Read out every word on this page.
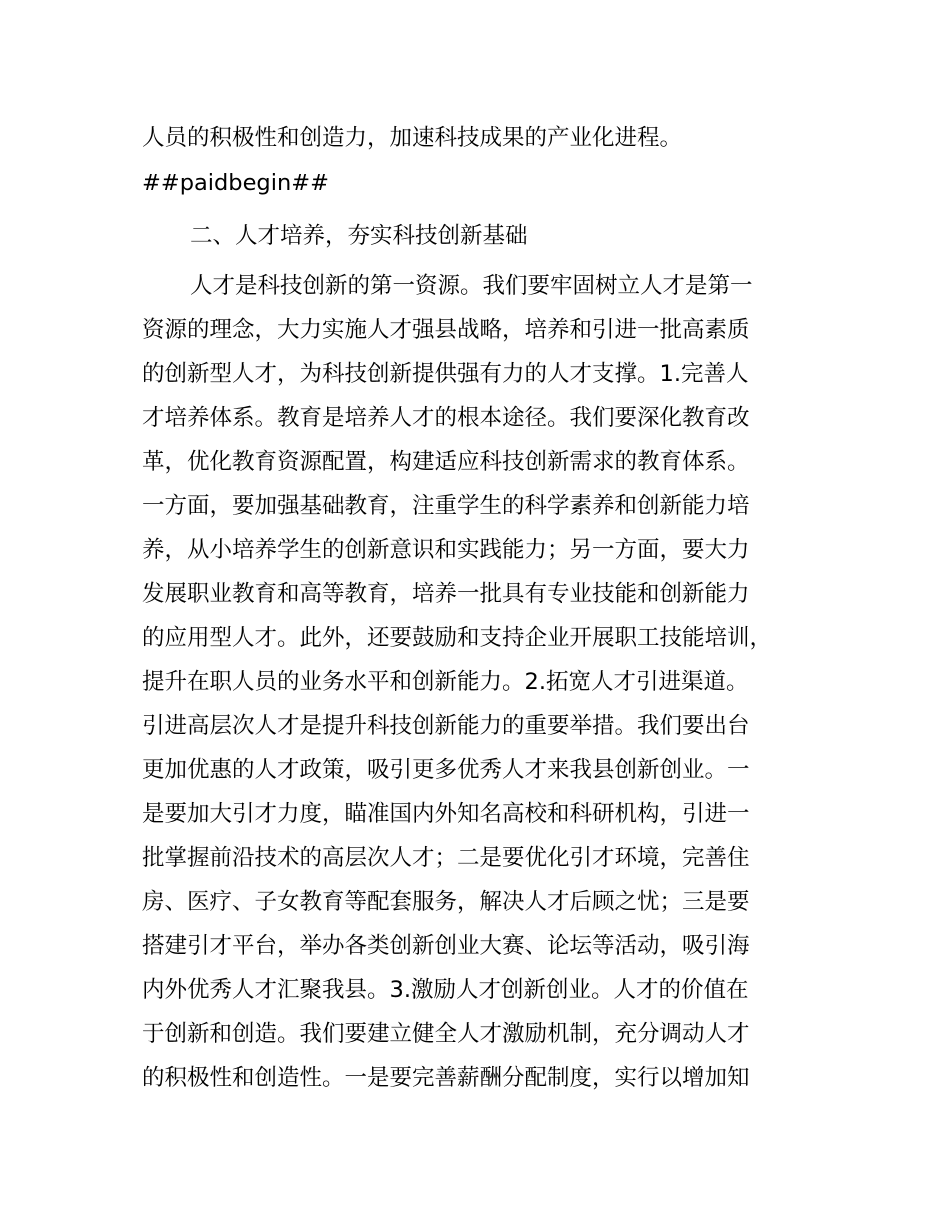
人员的积极性和创造力，加速科技成果的产业化进程。
##paidbegin##
二、人才培养，夯实科技创新基础
人才是科技创新的第一资源。我们要牢固树立人才是第一
资源的理念，大力实施人才强县战略，培养和引进一批高素质
的创新型人才，为科技创新提供强有力的人才支撑。1.完善人
才培养体系。教育是培养人才的根本途径。我们要深化教育改
革，优化教育资源配置，构建适应科技创新需求的教育体系。
一方面，要加强基础教育，注重学生的科学素养和创新能力培
养，从小培养学生的创新意识和实践能力；另一方面，要大力
发展职业教育和高等教育，培养一批具有专业技能和创新能力
的应用型人才。此外，还要鼓励和支持企业开展职工技能培训，
提升在职人员的业务水平和创新能力。2.拓宽人才引进渠道。
引进高层次人才是提升科技创新能力的重要举措。我们要出台
更加优惠的人才政策，吸引更多优秀人才来我县创新创业。一
是要加大引才力度，瞄准国内外知名高校和科研机构，引进一
批掌握前沿技术的高层次人才；二是要优化引才环境，完善住
房、医疗、子女教育等配套服务，解决人才后顾之忧；三是要
搭建引才平台，举办各类创新创业大赛、论坛等活动，吸引海
内外优秀人才汇聚我县。3.激励人才创新创业。人才的价值在
于创新和创造。我们要建立健全人才激励机制，充分调动人才
的积极性和创造性。一是要完善薪酬分配制度，实行以增加知
